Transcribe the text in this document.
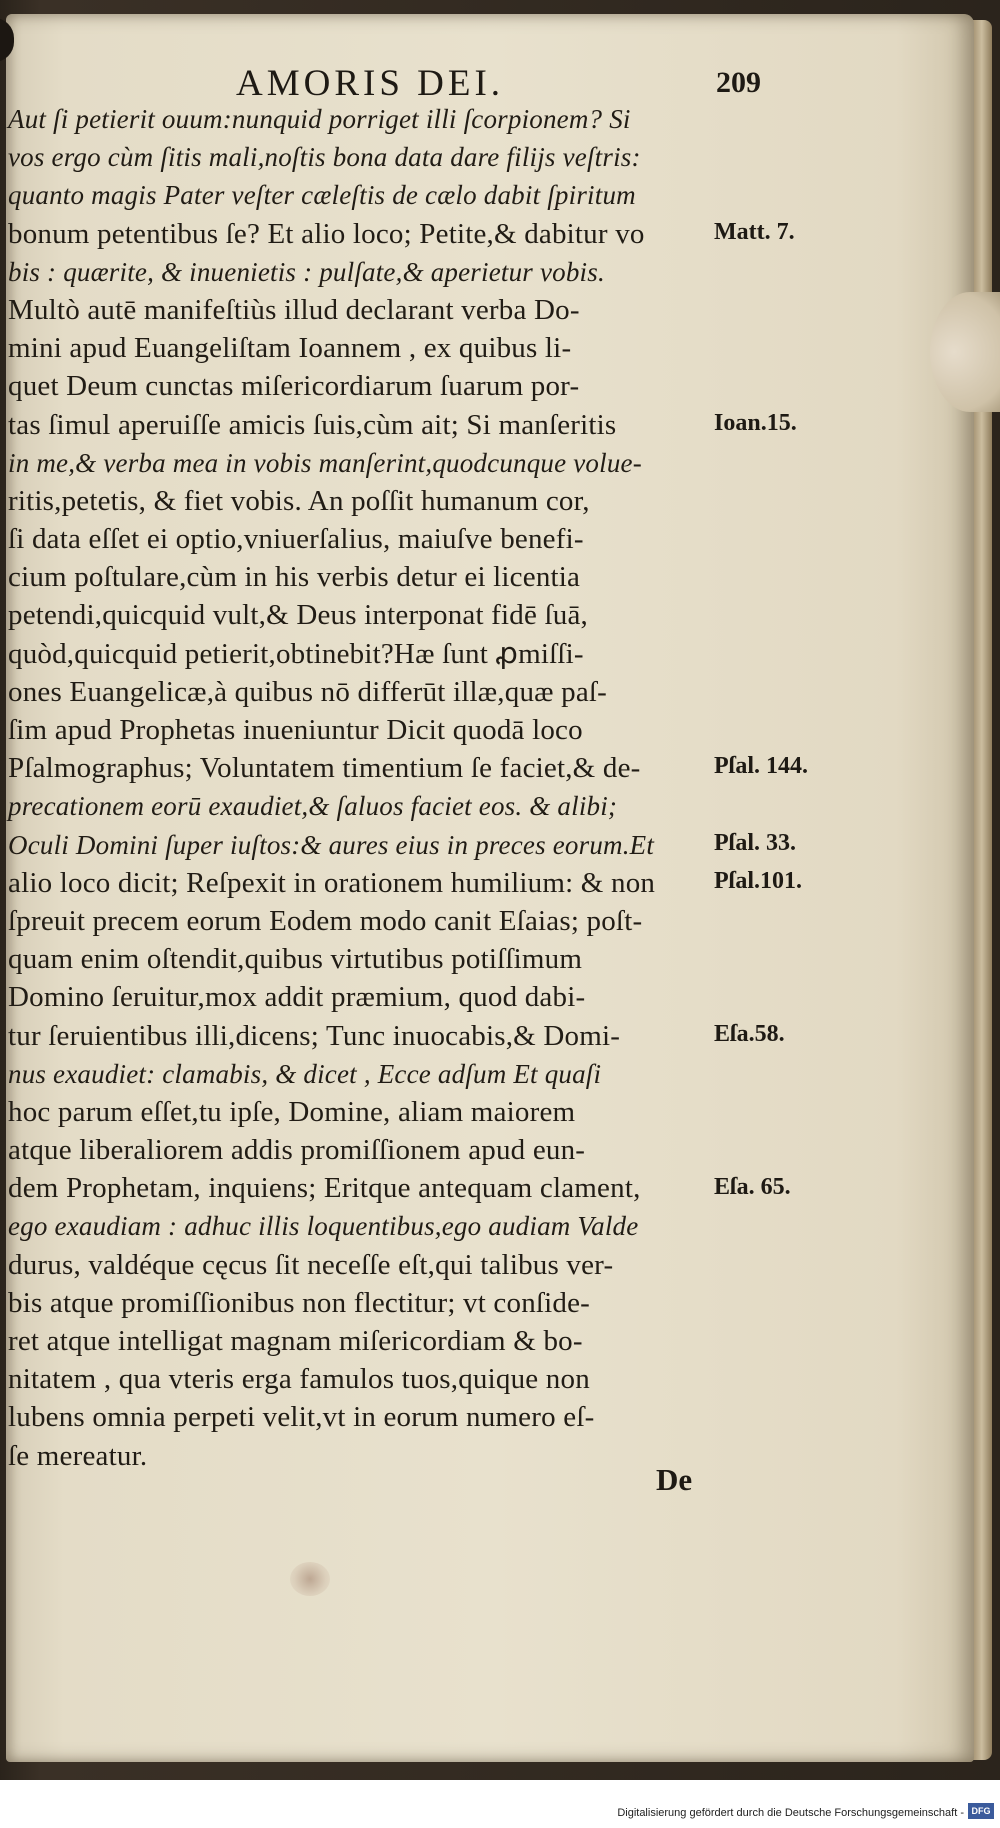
AMORIS DEI.	209
Aut ſi petierit ouum:nunquid porriget illi ſcorpionem? Si
vos ergo cùm ſitis mali,noſtis bona data dare filijs veſtris:
quanto magis Pater veſter cæleſtis de cælo dabit ſpiritum
bonum petentibus ſe? Et alio loco; Petite,& dabitur vo
bis : quærite, & inuenietis : pulſate,& aperietur vobis.
Multò autē manifeſtiùs illud declarant verba Do-
mini apud Euangeliſtam Ioannem , ex quibus li-
quet Deum cunctas miſericordiarum ſuarum por-
tas ſimul aperuiſſe amicis ſuis,cùm ait; Si manſeritis
in me,& verba mea in vobis manſerint,quodcunque volue-
ritis,petetis, & fiet vobis. An poſſit humanum cor,
ſi data eſſet ei optio,vniuerſalius, maiuſve benefi-
cium poſtulare,cùm in his verbis detur ei licentia
petendi,quicquid vult,& Deus interponat fidē ſuā,
quòd,quicquid petierit,obtinebit?Hæ ſunt ꝓmiſſi-
ones Euangelicæ,à quibus nō differūt illæ,quæ paſ-
ſim apud Prophetas inueniuntur Dicit quodā loco
Pſalmographus; Voluntatem timentium ſe faciet,& de-
precationem eorū exaudiet,& ſaluos faciet eos. & alibi;
Oculi Domini ſuper iuſtos:& aures eius in preces eorum.Et
alio loco dicit; Reſpexit in orationem humilium: & non
ſpreuit precem eorum Eodem modo canit Eſaias; poſt-
quam enim oſtendit,quibus virtutibus potiſſimum
Domino ſeruitur,mox addit præmium, quod dabi-
tur ſeruientibus illi,dicens; Tunc inuocabis,& Domi-
nus exaudiet: clamabis, & dicet , Ecce adſum Et quaſi
hoc parum eſſet,tu ipſe, Domine, aliam maiorem
atque liberaliorem addis promiſſionem apud eun-
dem Prophetam, inquiens; Eritque antequam clament,
ego exaudiam : adhuc illis loquentibus,ego audiam Valde
durus, valdéque cęcus ſit neceſſe eſt,qui talibus ver-
bis atque promiſſionibus non flectitur; vt conſide-
ret atque intelligat magnam miſericordiam & bo-
nitatem , qua vteris erga famulos tuos,quique non
lubens omnia perpeti velit,vt in eorum numero eſ-
ſe mereatur.
Matt. 7.
Ioan.15.
Pſal. 144.
Pſal. 33.
Pſal.101.
Eſa.58.
Eſa. 65.
De
Digitalisierung gefördert durch die Deutsche Forschungsgemeinschaft - DFG
